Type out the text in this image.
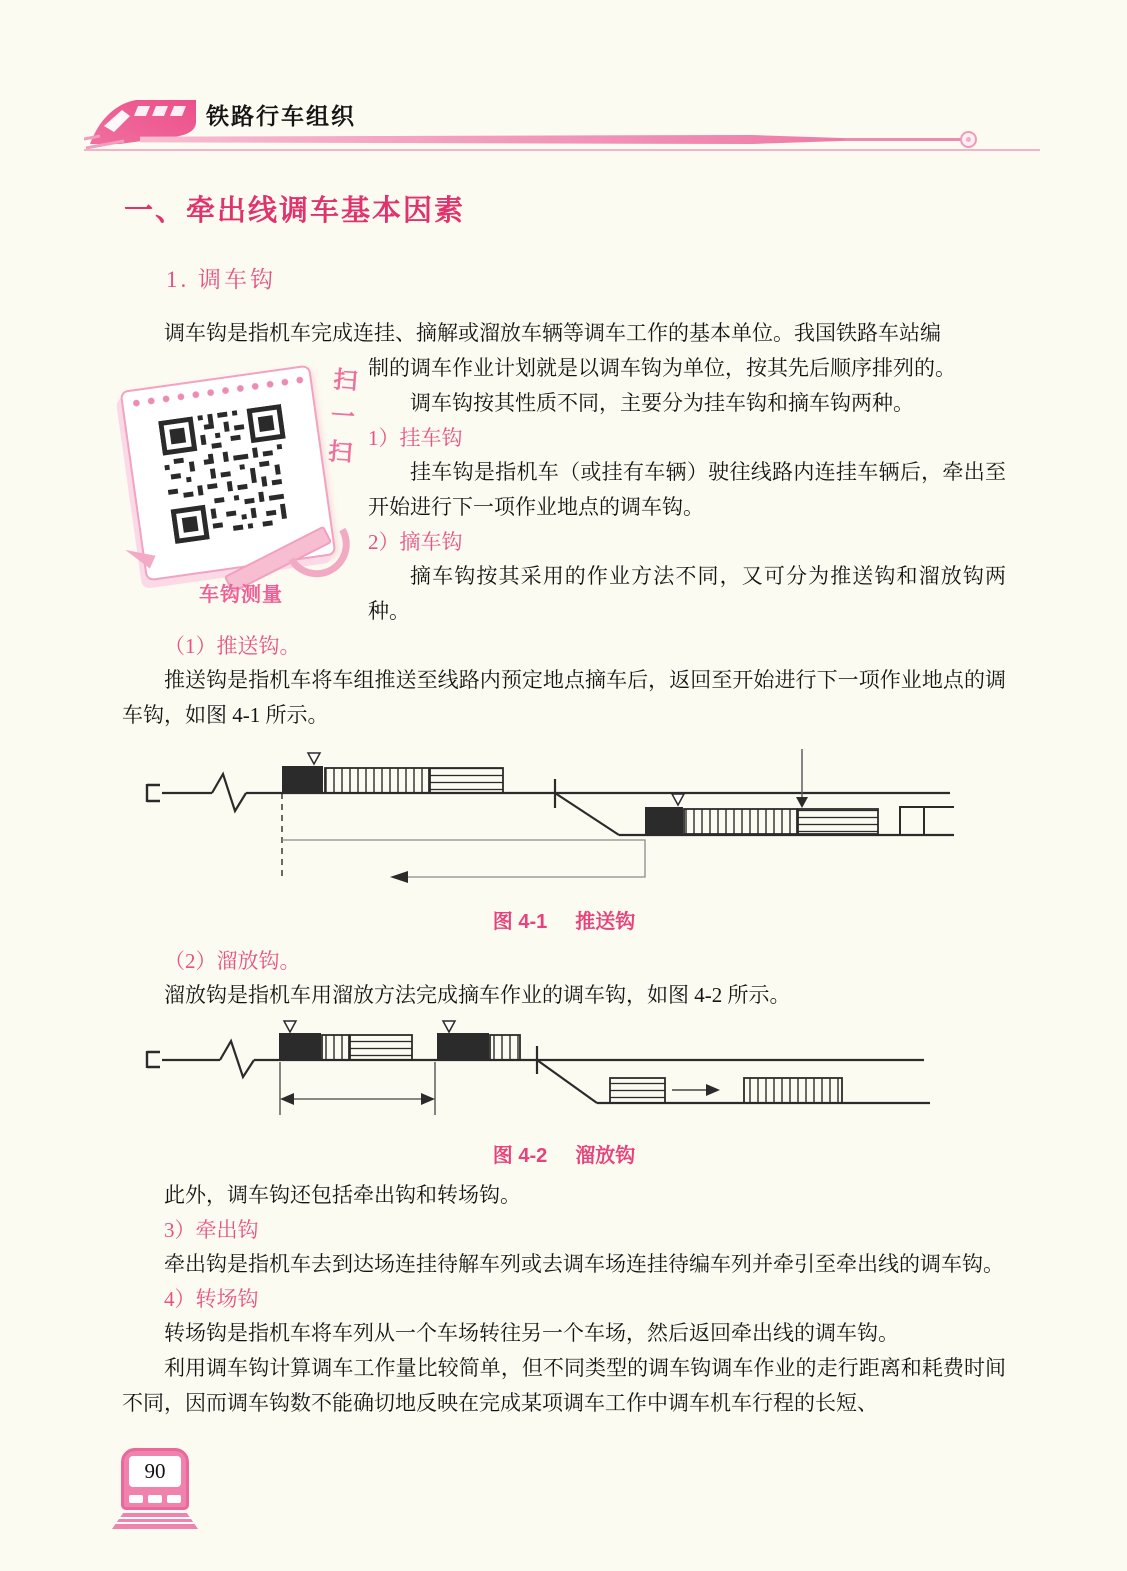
铁路行车组织
一、牵出线调车基本因素
1. 调车钩
调车钩是指机车完成连挂、摘解或溜放车辆等调车工作的基本单位。我国铁路车站编
扫一扫
车钩测量
制的调车作业计划就是以调车钩为单位，按其先后顺序排列的。
调车钩按其性质不同，主要分为挂车钩和摘车钩两种。
1）挂车钩
挂车钩是指机车（或挂有车辆）驶往线路内连挂车辆后，牵出至开始进行下一项作业地点的调车钩。
2）摘车钩
摘车钩按其采用的作业方法不同，又可分为推送钩和溜放钩两种。
（1）推送钩。
推送钩是指机车将车组推送至线路内预定地点摘车后，返回至开始进行下一项作业地点的调车钩，如图 4-1 所示。
图 4-1 推送钩
（2）溜放钩。
溜放钩是指机车用溜放方法完成摘车作业的调车钩，如图 4-2 所示。
图 4-2 溜放钩
此外，调车钩还包括牵出钩和转场钩。
3）牵出钩
牵出钩是指机车去到达场连挂待解车列或去调车场连挂待编车列并牵引至牵出线的调车钩。
4）转场钩
转场钩是指机车将车列从一个车场转往另一个车场，然后返回牵出线的调车钩。
利用调车钩计算调车工作量比较简单，但不同类型的调车钩调车作业的走行距离和耗费时间不同，因而调车钩数不能确切地反映在完成某项调车工作中调车机车行程的长短、
90
